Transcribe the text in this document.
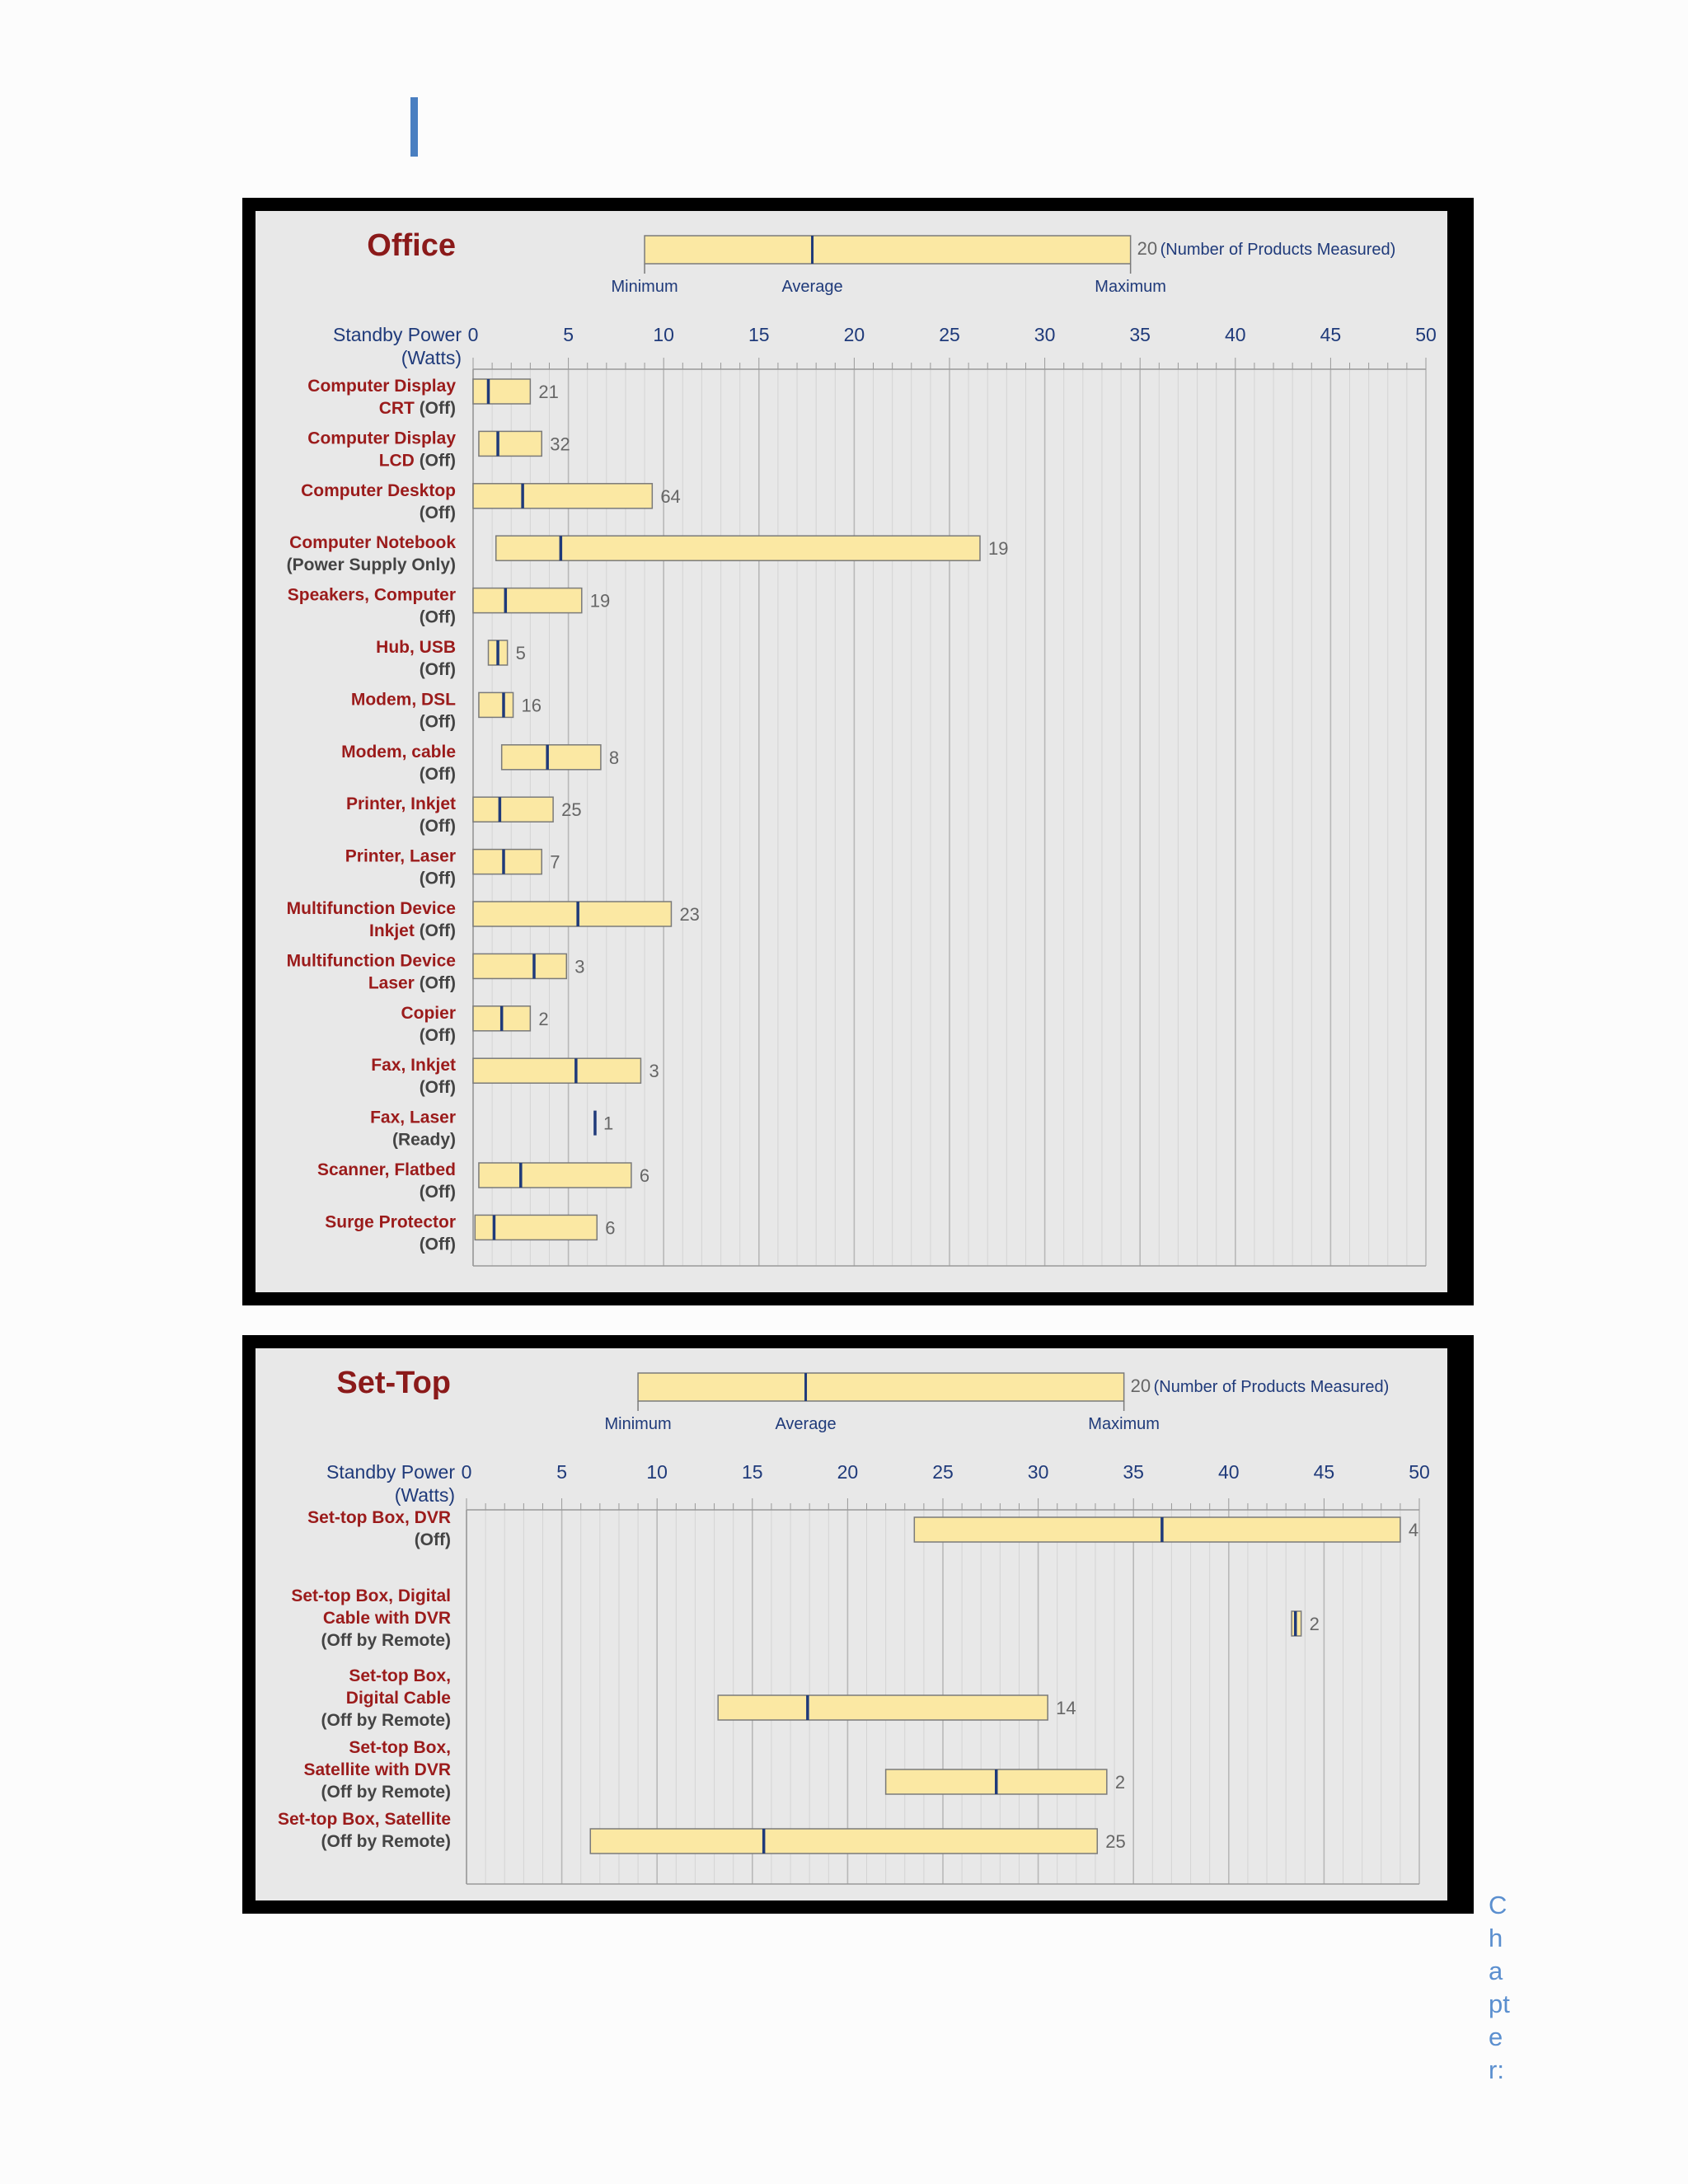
Office	20 (Number of Products Measured)
Minimum	Average	Maximum
Standby Power
(Watts)
0	5	10	15	20	25	30	35	40	45	50
21
Computer Display
CRT (Off)
32
Computer Display
LCD (Off)
64
Computer Desktop
(Off)
19
Computer Notebook
(Power Supply Only)
19
Speakers, Computer
(Off)
5
Hub, USB
(Off)
16
Modem, DSL
(Off)
8
Modem, cable
(Off)
25
Printer, Inkjet
(Off)
7
Printer, Laser
(Off)
23
Multifunction Device
Inkjet (Off)
3
Multifunction Device
Laser (Off)
2
Copier
(Off)
3
Fax, Inkjet
(Off)
1
Fax, Laser
(Ready)
6
Scanner, Flatbed
(Off)
6
Surge Protector
(Off)
Set-Top	20 (Number of Products Measured)
Minimum	Average	Maximum
Standby Power
(Watts)
0	5	10	15	20	25	30	35	40	45	50
4
Set-top Box, DVR
(Off)
2
Set-top Box, Digital
Cable with DVR
(Off by Remote)
14
Set-top Box,
Digital Cable
(Off by Remote)
2
Set-top Box,
Satellite with DVR
(Off by Remote)
25
Set-top Box, Satellite
(Off by Remote)
C
h
a
pt
e
r:
